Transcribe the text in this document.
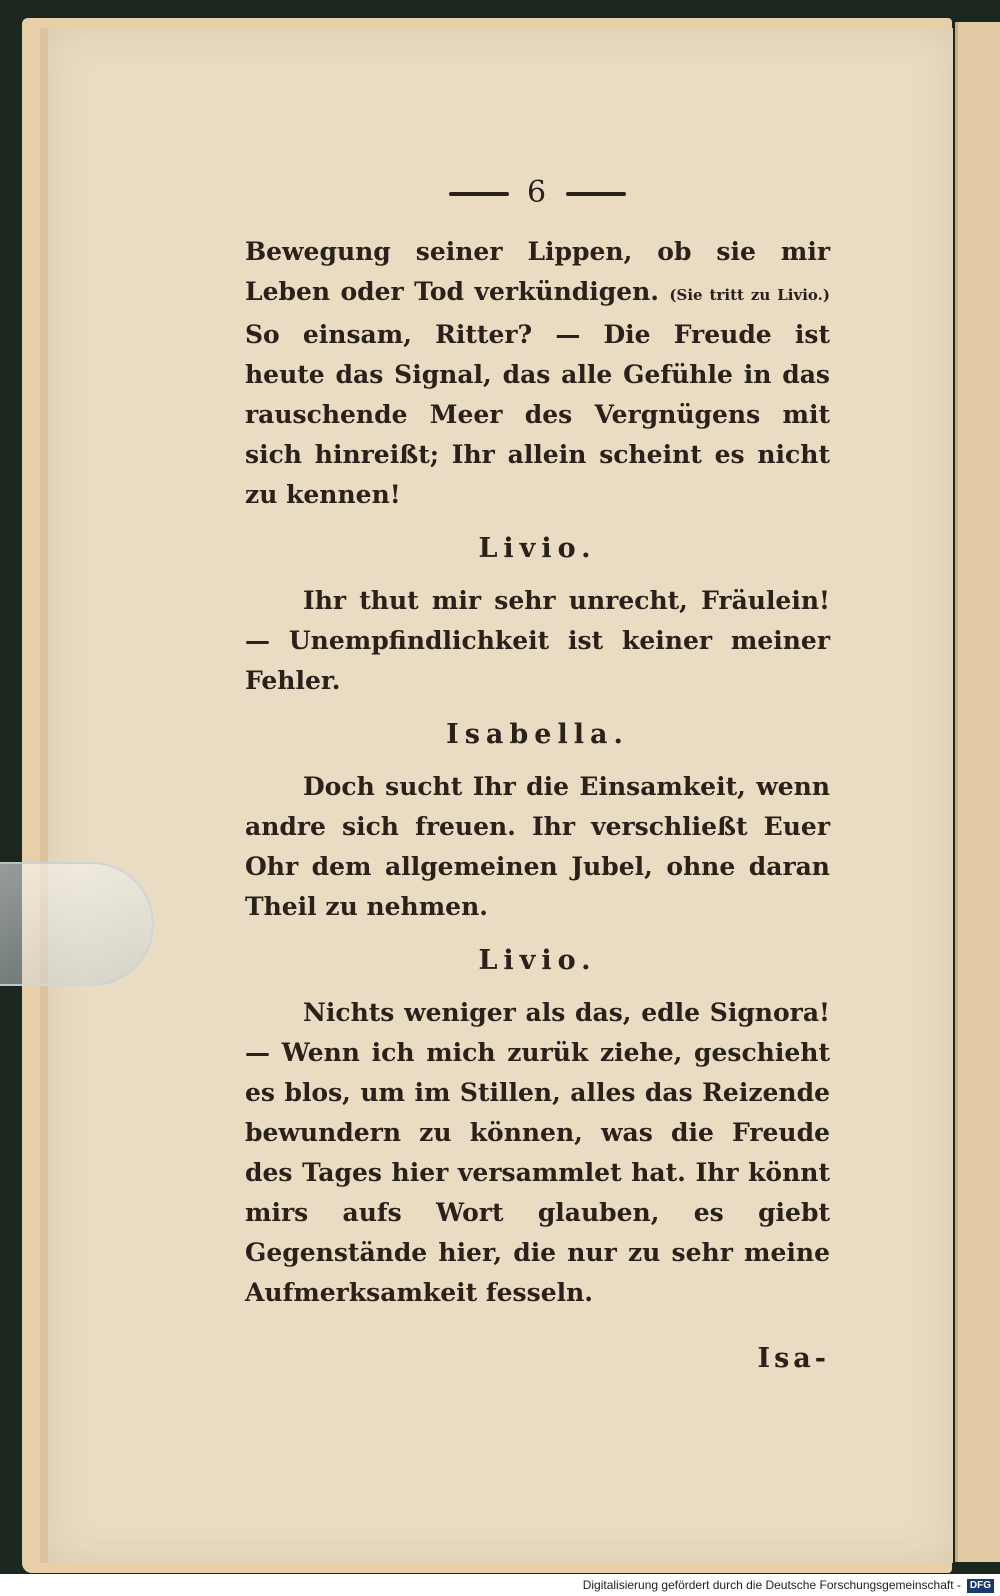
6

Bewegung seiner Lippen, ob sie mir Leben oder Tod verkündigen. (Sie tritt zu Livio.) So einsam, Ritter? — Die Freude ist heute das Signal, das alle Gefühle in das rauschende Meer des Vergnügens mit sich hinreißt; Ihr allein scheint es nicht zu kennen!

Livio.

Ihr thut mir sehr unrecht, Fräulein! — Unempfindlichkeit ist keiner meiner Fehler.

Isabella.

Doch sucht Ihr die Einsamkeit, wenn andre sich freuen. Ihr verschließt Euer Ohr dem allgemeinen Jubel, ohne daran Theil zu nehmen.

Livio.

Nichts weniger als das, edle Signora! — Wenn ich mich zurük ziehe, geschieht es blos, um im Stillen, alles das Reizende bewundern zu können, was die Freude des Tages hier versammlet hat. Ihr könnt mirs aufs Wort glauben, es giebt Gegenstände hier, die nur zu sehr meine Aufmerksamkeit fesseln.

Isa-
Digitalisierung gefördert durch die Deutsche Forschungsgemeinschaft - DFG
